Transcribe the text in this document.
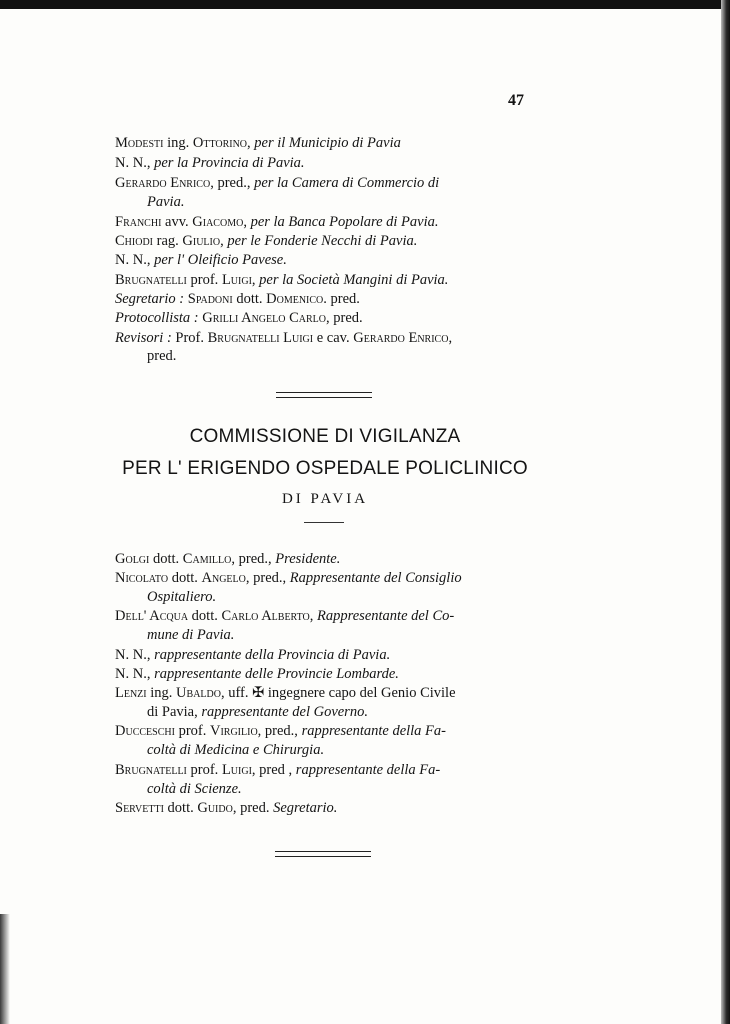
47
Modesti ing. Ottorino, per il Municipio di Pavia
N. N., per la Provincia di Pavia.
Gerardo Enrico, pred., per la Camera di Commercio di
Pavia.
Franchi avv. Giacomo, per la Banca Popolare di Pavia.
Chiodi rag. Giulio, per le Fonderie Necchi di Pavia.
N. N., per l' Oleificio Pavese.
Brugnatelli prof. Luigi, per la Società Mangini di Pavia.
Segretario : Spadoni dott. Domenico. pred.
Protocollista : Grilli Angelo Carlo, pred.
Revisori : Prof. Brugnatelli Luigi e cav. Gerardo Enrico,
pred.
COMMISSIONE DI VIGILANZA
PER L' ERIGENDO OSPEDALE POLICLINICO
DI PAVIA
Golgi dott. Camillo, pred., Presidente.
Nicolato dott. Angelo, pred., Rappresentante del Consiglio
Ospitaliero.
Dell' Acqua dott. Carlo Alberto, Rappresentante del Co-
mune di Pavia.
N. N., rappresentante della Provincia di Pavia.
N. N., rappresentante delle Provincie Lombarde.
Lenzi ing. Ubaldo, uff. ✠ ingegnere capo del Genio Civile
di Pavia, rappresentante del Governo.
Ducceschi prof. Virgilio, pred., rappresentante della Fa-
coltà di Medicina e Chirurgia.
Brugnatelli prof. Luigi, pred , rappresentante della Fa-
coltà di Scienze.
Servetti dott. Guido, pred. Segretario.
